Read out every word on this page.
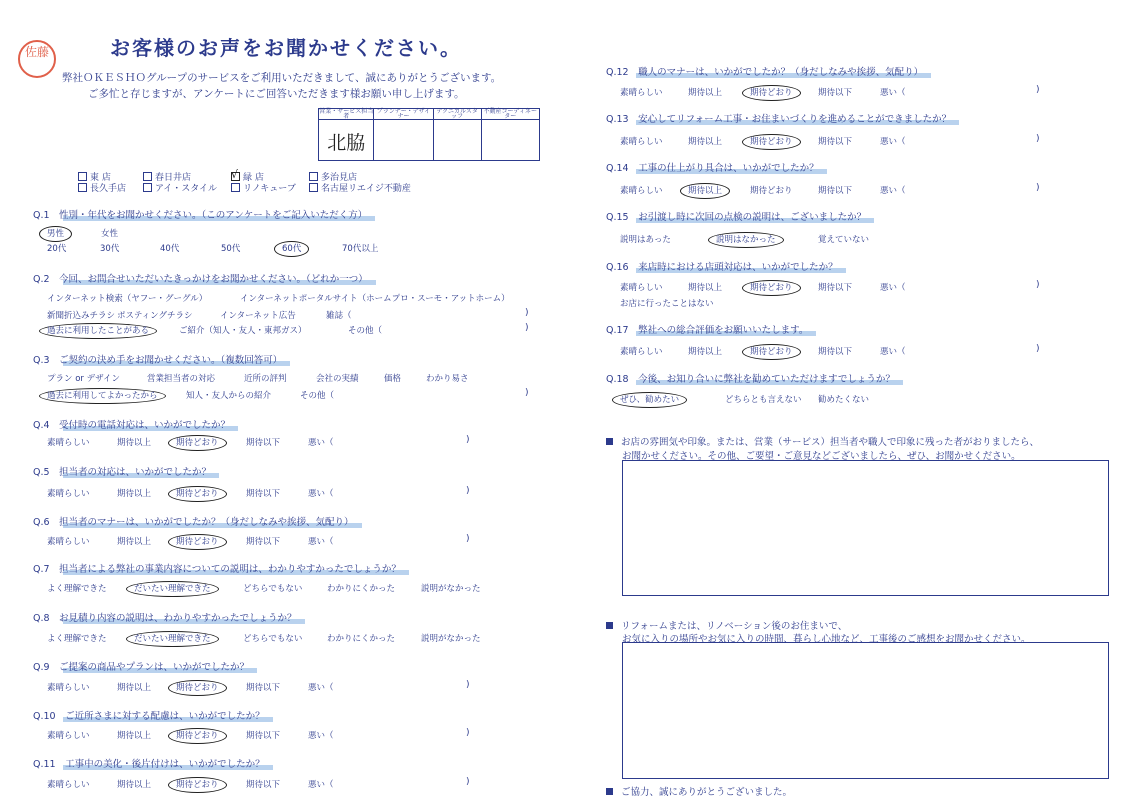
佐藤	お客様のお声をお聞かせください。
弊社ＯＫＥＳＨＯグループのサービスをご利用いただきまして、誠にありがとうございます。
ご多忙と存じますが、アンケートにご回答いただきます様お願い申し上げます。
営業・サービス担当者	プランナー・デザイナー	テクニカルスタッフ	不動産コーディネーター
北脇			
東 店	春日井店 √	緑 店	多治見店
長久手店	アイ・スタイル	リノキューブ	名古屋リエイジ不動産
Q.1　性別・年代をお聞かせください。（このアンケートをご記入いただく方）
男性	女性
20代	30代	40代	50代	60代	70代以上
Q.2　今回、お問合せいただいたきっかけをお聞かせください。（どれか一つ）
インターネット検索（ヤフー・グーグル）	インターネットポータルサイト（ホームプロ・スーモ・アットホーム）
新聞折込みチラシ ポスティングチラシ	インターネット広告	雑誌（	)
過去に利用したことがある	ご紹介（知人・友人・東邦ガス）	その他（	)
Q.3　ご契約の決め手をお聞かせください。（複数回答可）
プラン or デザイン	営業担当者の対応	近所の評判	会社の実績	価格	わかり易さ
過去に利用してよかったから	知人・友人からの紹介	その他（	)
Q.4　受付時の電話対応は、いかがでしたか？
素晴らしい	期待以上	期待どおり	期待以下	悪い（	)
Q.5　担当者の対応は、いかがでしたか？
素晴らしい	期待以上	期待どおり	期待以下	悪い（	)
Q.6　担当者のマナーは、いかがでしたか？（身だしなみや挨拶、気配り）
素晴らしい	期待以上	期待どおり	期待以下	悪い（	)
Q.7　担当者による弊社の事業内容についての説明は、わかりやすかったでしょうか？
よく理解できた	だいたい理解できた	どちらでもない	わかりにくかった	説明がなかった
Q.8　お見積り内容の説明は、わかりやすかったでしょうか？
よく理解できた	だいたい理解できた	どちらでもない	わかりにくかった	説明がなかった
Q.9　ご提案の商品やプランは、いかがでしたか？
素晴らしい	期待以上	期待どおり	期待以下	悪い（	)
Q.10　ご近所さまに対する配慮は、いかがでしたか？
素晴らしい	期待以上	期待どおり	期待以下	悪い（	)
Q.11　工事中の美化・後片付けは、いかがでしたか？
素晴らしい	期待以上	期待どおり	期待以下	悪い（	)
Q.12　職人のマナーは、いかがでしたか？（身だしなみや挨拶、気配り）
素晴らしい	期待以上	期待どおり	期待以下	悪い（	)
Q.13　安心してリフォーム工事・お住まいづくりを進めることができましたか？
素晴らしい	期待以上	期待どおり	期待以下	悪い（	)
Q.14　工事の仕上がり具合は、いかがでしたか？
素晴らしい	期待以上	期待どおり	期待以下	悪い（	)
Q.15　お引渡し時に次回の点検の説明は、ございましたか？
説明はあった	説明はなかった	覚えていない
Q.16　来店時における店頭対応は、いかがでしたか？
素晴らしい	期待以上	期待どおり	期待以下	悪い（	)
お店に行ったことはない
Q.17　弊社への総合評価をお願いいたします。
素晴らしい	期待以上	期待どおり	期待以下	悪い（	)
Q.18　今後、お知り合いに弊社を勧めていただけますでしょうか？
ぜひ、勧めたい	どちらとも言えない 勧めたくない
お店の雰囲気や印象。または、営業（サービス）担当者や職人で印象に残った者がおりましたら、
お聞かせください。その他、ご要望・ご意見などございましたら、ぜひ、お聞かせください。
リフォームまたは、リノベーション後のお住まいで、
お気に入りの場所やお気に入りの時間、暮らし心地など、工事後のご感想をお聞かせください。
ご協力、誠にありがとうございました。
